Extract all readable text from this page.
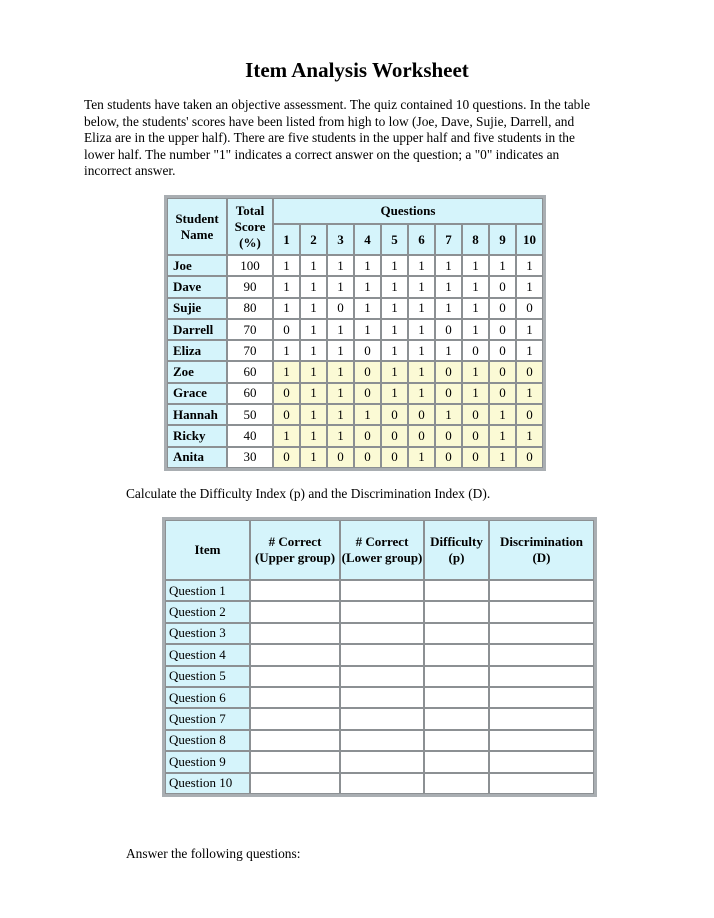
Item Analysis Worksheet

Ten students have taken an objective assessment. The quiz contained 10 questions. In the table below, the students' scores have been listed from high to low (Joe, Dave, Sujie, Darrell, and Eliza are in the upper half). There are five students in the upper half and five students in the lower half. The number "1" indicates a correct answer on the question; a "0" indicates an incorrect answer.

Student Name	Total Score (%)	Questions									
		1	2	3	4	5	6	7	8	9	10
Joe	100	1	1	1	1	1	1	1	1	1	1
Dave	90	1	1	1	1	1	1	1	1	0	1
Sujie	80	1	1	0	1	1	1	1	1	0	0
Darrell	70	0	1	1	1	1	1	0	1	0	1
Eliza	70	1	1	1	0	1	1	1	0	0	1
Zoe	60	1	1	1	0	1	1	0	1	0	0
Grace	60	0	1	1	0	1	1	0	1	0	1
Hannah	50	0	1	1	1	0	0	1	0	1	0
Ricky	40	1	1	1	0	0	0	0	0	1	1
Anita	30	0	1	0	0	0	1	0	0	1	0

Calculate the Difficulty Index (p) and the Discrimination Index (D).

Item	# Correct (Upper group)	# Correct (Lower group)	Difficulty (p)	Discrimination (D)
Question 1				
Question 2				
Question 3				
Question 4				
Question 5				
Question 6				
Question 7				
Question 8				
Question 9				
Question 10				

Answer the following questions:
